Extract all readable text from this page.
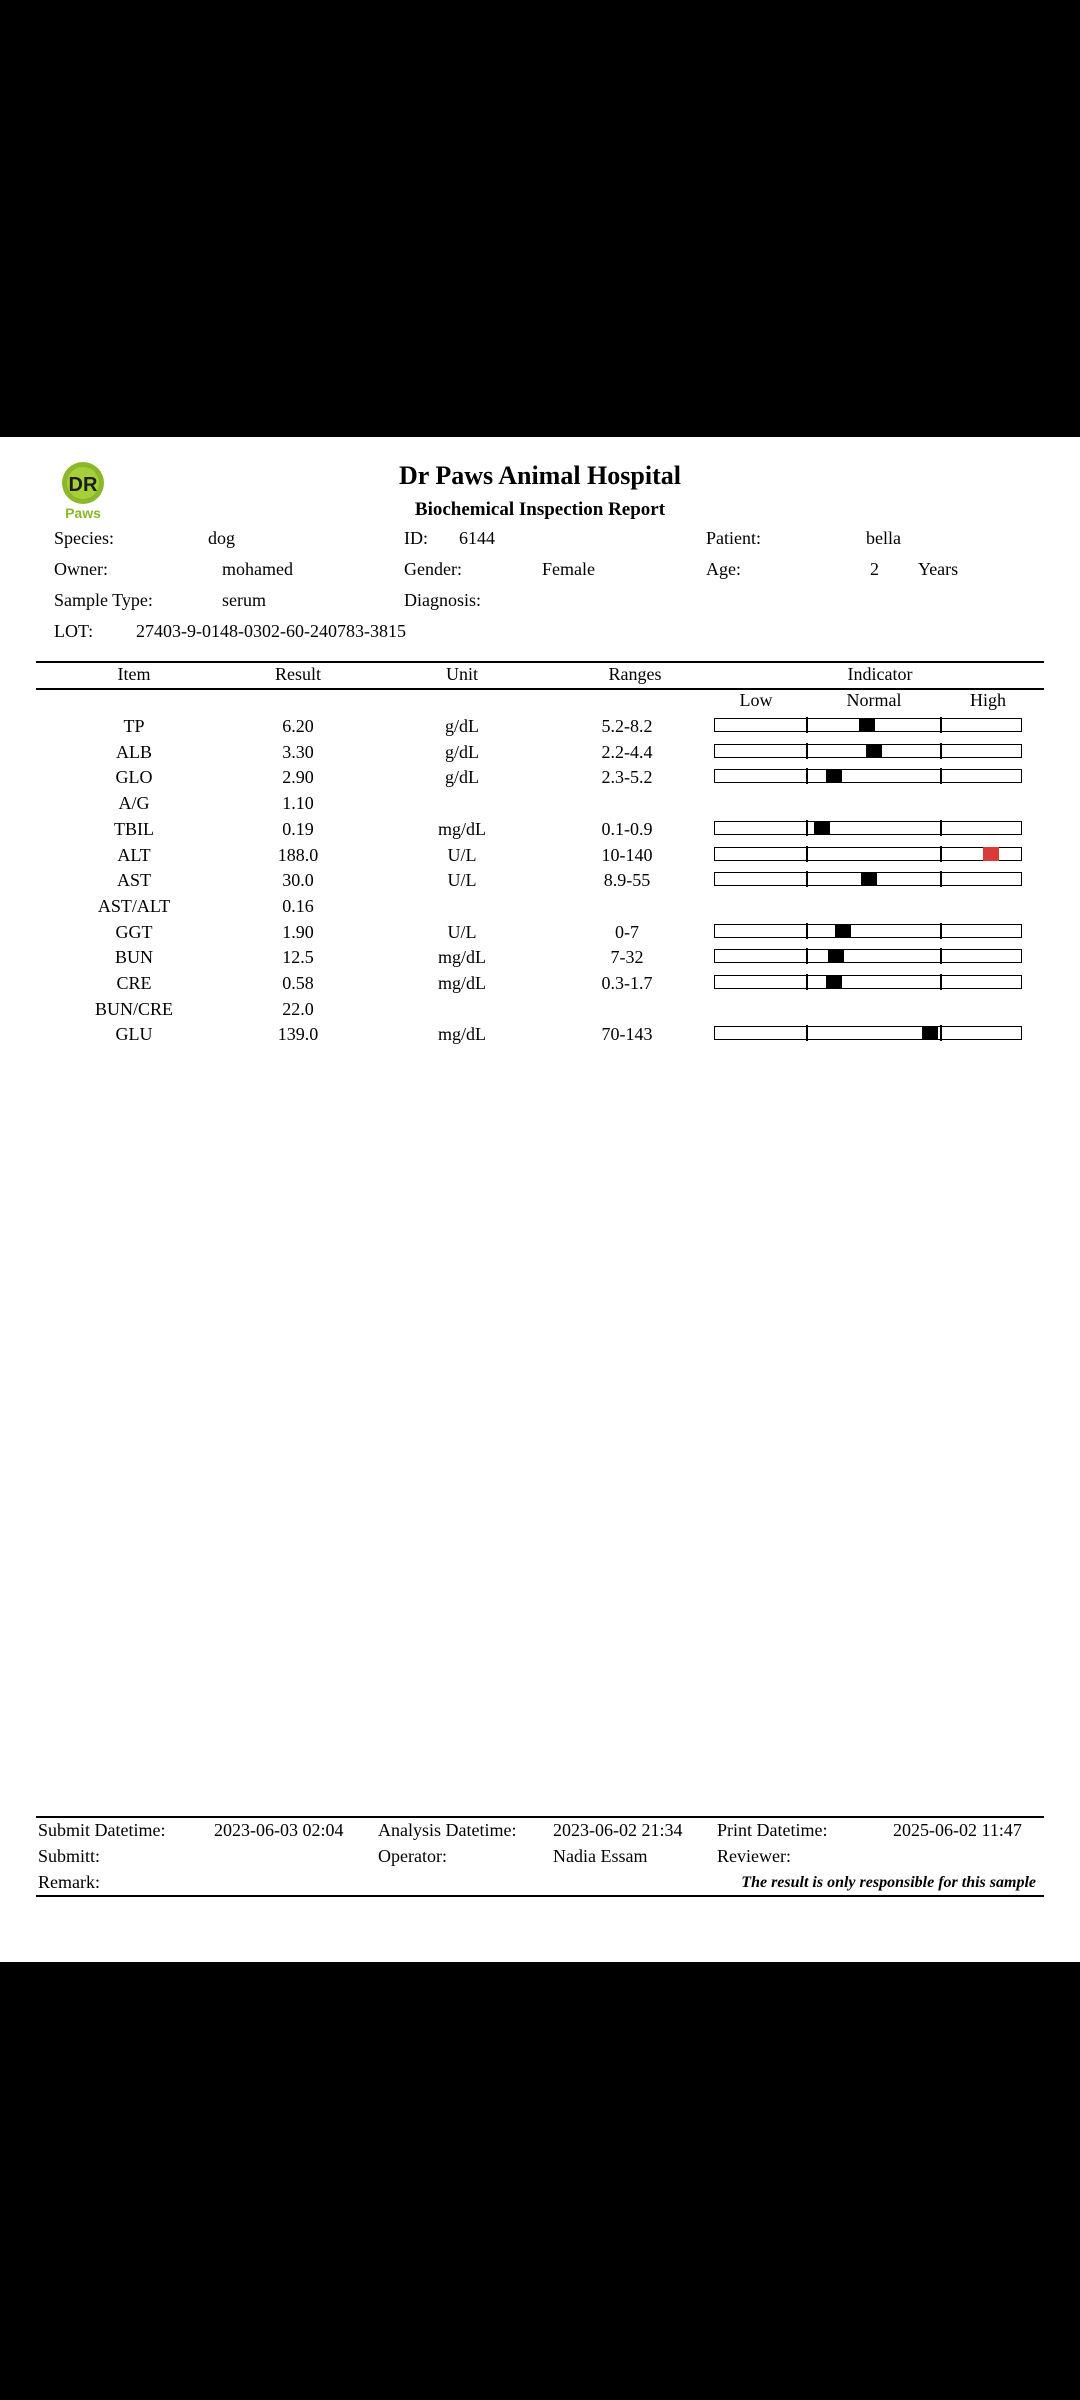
DR
Paws
Dr Paws Animal Hospital
Biochemical Inspection Report
Species:	dog	ID: 6144	Patient:	bella
Owner:	mohamed	Gender:	Female	Age:	2 Years
Sample Type:	serum	Diagnosis:
LOT: 27403-9-0148-0302-60-240783-3815
Item	Result	Unit	Ranges	Indicator
Low	Normal	High
TP	6.20	g/dL	5.2-8.2
ALB	3.30	g/dL	2.2-4.4
GLO	2.90	g/dL	2.3-5.2
A/G	1.10
TBIL	0.19	mg/dL	0.1-0.9
ALT	188.0	U/L	10-140
AST	30.0	U/L	8.9-55
AST/ALT	0.16
GGT	1.90	U/L	0-7
BUN	12.5	mg/dL	7-32
CRE	0.58	mg/dL	0.3-1.7
BUN/CRE	22.0
GLU	139.0	mg/dL	70-143
Submit Datetime:	2023-06-03 02:04 Analysis Datetime: 2023-06-02 21:34 Print Datetime:	2025-06-02 11:47
Submitt:	Operator:	Nadia Essam	Reviewer:
Remark:	The result is only responsible for this sample
